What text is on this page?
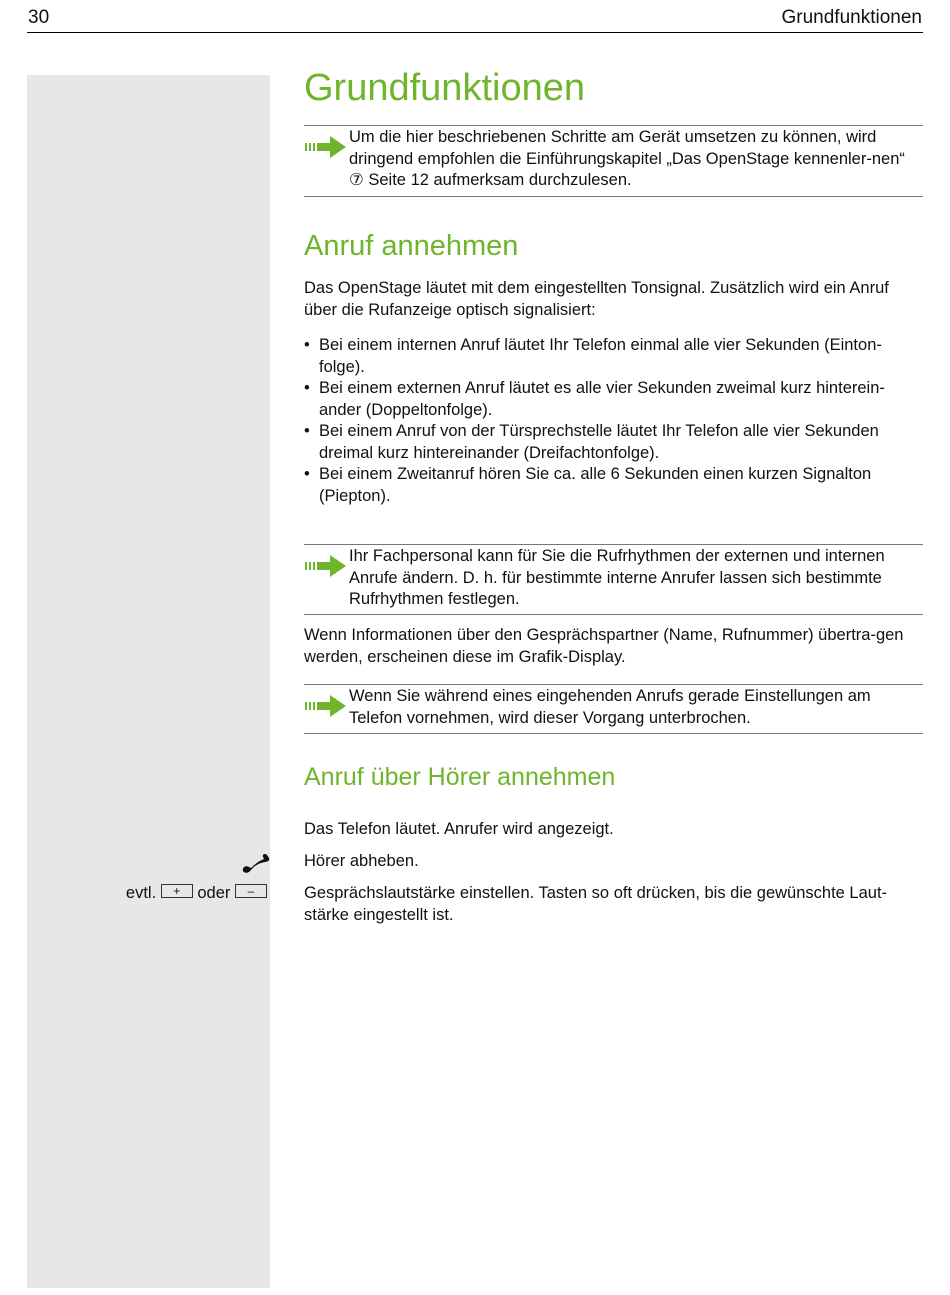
30	Grundfunktionen
Grundfunktionen
Um die hier beschriebenen Schritte am Gerät umsetzen zu können, wird dringend empfohlen die Einführungskapitel „Das OpenStage kennenler-nen“ ⑦ Seite 12 aufmerksam durchzulesen.
Anruf annehmen

Das OpenStage läutet mit dem eingestellten Tonsignal. Zusätzlich wird ein Anruf über die Rufanzeige optisch signalisiert:

• Bei einem internen Anruf läutet Ihr Telefon einmal alle vier Sekunden (Einton-folge).
• Bei einem externen Anruf läutet es alle vier Sekunden zweimal kurz hinterein-ander (Doppeltonfolge).
• Bei einem Anruf von der Türsprechstelle läutet Ihr Telefon alle vier Sekunden dreimal kurz hintereinander (Dreifachtonfolge).
• Bei einem Zweitanruf hören Sie ca. alle 6 Sekunden einen kurzen Signalton (Piepton).
Ihr Fachpersonal kann für Sie die Rufrhythmen der externen und internen Anrufe ändern. D. h. für bestimmte interne Anrufer lassen sich bestimmte Rufrhythmen festlegen.

Wenn Informationen über den Gesprächspartner (Name, Rufnummer) übertra-gen werden, erscheinen diese im Grafik-Display.

Wenn Sie während eines eingehenden Anrufs gerade Einstellungen am Telefon vornehmen, wird dieser Vorgang unterbrochen.
Anruf über Hörer annehmen

Das Telefon läutet. Anrufer wird angezeigt.

Hörer abheben.

evtl. + oder –	Gesprächslautstärke einstellen. Tasten so oft drücken, bis die gewünschte Laut-stärke eingestellt ist.
